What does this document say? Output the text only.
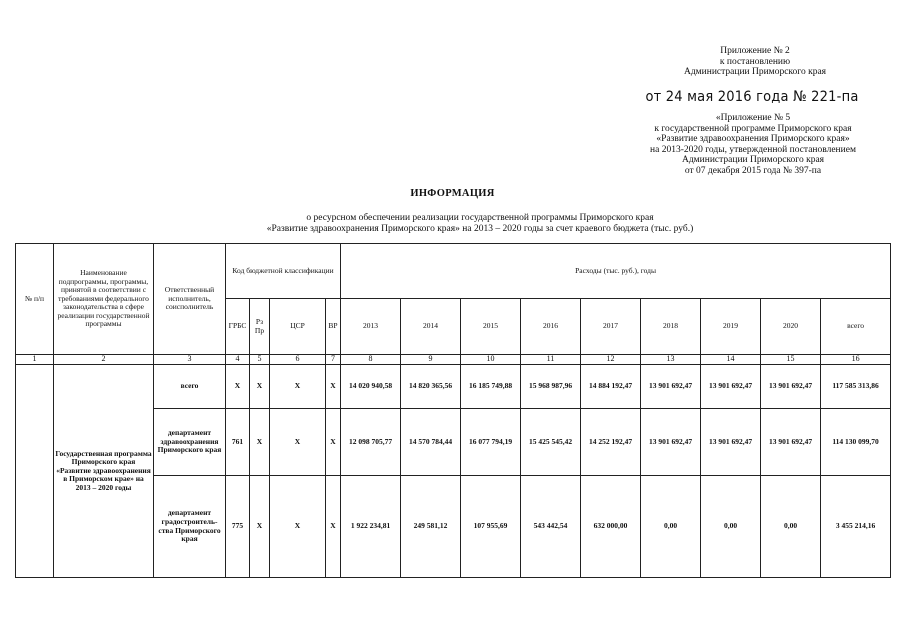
Приложение № 2
к постановлению
Администрации Приморского края
от 24 мая 2016 года № 221-па
«Приложение № 5
к государственной программе Приморского края
«Развитие здравоохранения Приморского края»
на 2013-2020 годы, утвержденной постановлением
Администрации Приморского края
от 07 декабря 2015 года № 397-па
ИНФОРМАЦИЯ
о ресурсном обеспечении реализации государственной программы Приморского края
«Развитие здравоохранения Приморского края» на 2013 – 2020 годы за счет краевого бюджета (тыс. руб.)
№ п/п	Наименование подпрограммы, программы, принятой в соответствии с требованиями федерального законодательства в сфере реализации государственной программы	Ответственный исполнитель, соисполнитель	Код бюджетной классификации				Расходы (тыс. руб.), годы								
			ГРБС	Рз Пр	ЦСР	ВР	2013	2014	2015	2016	2017	2018	2019	2020	всего
1	2	3	4	5	6	7	8	9	10	11	12	13	14	15	16
	Государственная программа Приморского края «Развитие здравоохранения в Приморском крае» на 2013 – 2020 годы	всего	X	X	X	X	14 020 940,58	14 820 365,56	16 185 749,88	15 968 987,96	14 884 192,47	13 901 692,47	13 901 692,47	13 901 692,47	117 585 313,86
		департамент здравоохранения Приморского края	761	X	X	X	12 098 705,77	14 570 784,44	16 077 794,19	15 425 545,42	14 252 192,47	13 901 692,47	13 901 692,47	13 901 692,47	114 130 099,70
		департамент градостроитель- ства Приморского края	775	X	X	X	1 922 234,81	249 581,12	107 955,69	543 442,54	632 000,00	0,00	0,00	0,00	3 455 214,16
